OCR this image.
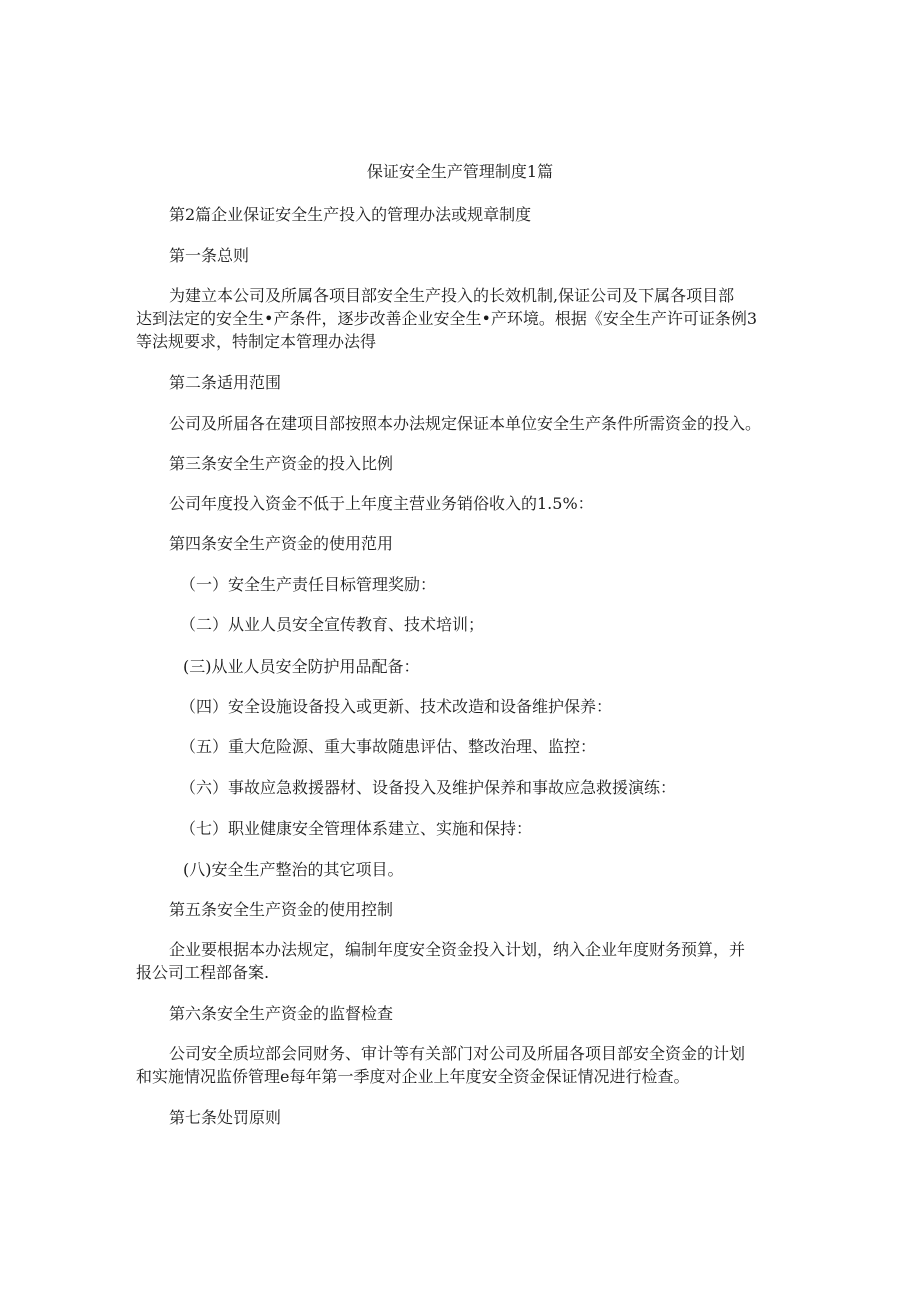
保证安全生产管理制度1篇
第2篇企业保证安全生产投入的管理办法或规章制度
第一条总则
为建立本公司及所属各项目部安全生产投入的长效机制,保证公司及下属各项目部
达到法定的安全生•产条件，逐步改善企业安全生•产环境。根据《安全生产许可证条例3
等法规要求，特制定本管理办法得
第二条适用范围
公司及所届各在建项目部按照本办法规定保证本单位安全生产条件所需资金的投入。
第三条安全生产资金的投入比例
公司年度投入资金不低于上年度主营业务销俗收入的1.5%：
第四条安全生产资金的使用范用
（一）安全生产责任目标管理奖励：
（二）从业人员安全宣传教育、技术培训；
(三)从业人员安全防护用品配备：
（四）安全设施设备投入或更新、技术改造和设备维护保养：
（五）重大危险源、重大事故随患评估、整改治理、监控：
（六）事故应急救援器材、设备投入及维护保养和事故应急救援演练：
（七）职业健康安全管理体系建立、实施和保持：
(八)安全生产整治的其它项目。
第五条安全生产资金的使用控制
企业要根据本办法规定，编制年度安全资金投入计划，纳入企业年度财务预算，并
报公司工程部备案.
第六条安全生产资金的监督检查
公司安全质垃部会同财务、审计等有关部门对公司及所届各项目部安全资金的计划
和实施情况监侨管理e每年第一季度对企业上年度安全资金保证情况进行检查。
第七条处罚原则
